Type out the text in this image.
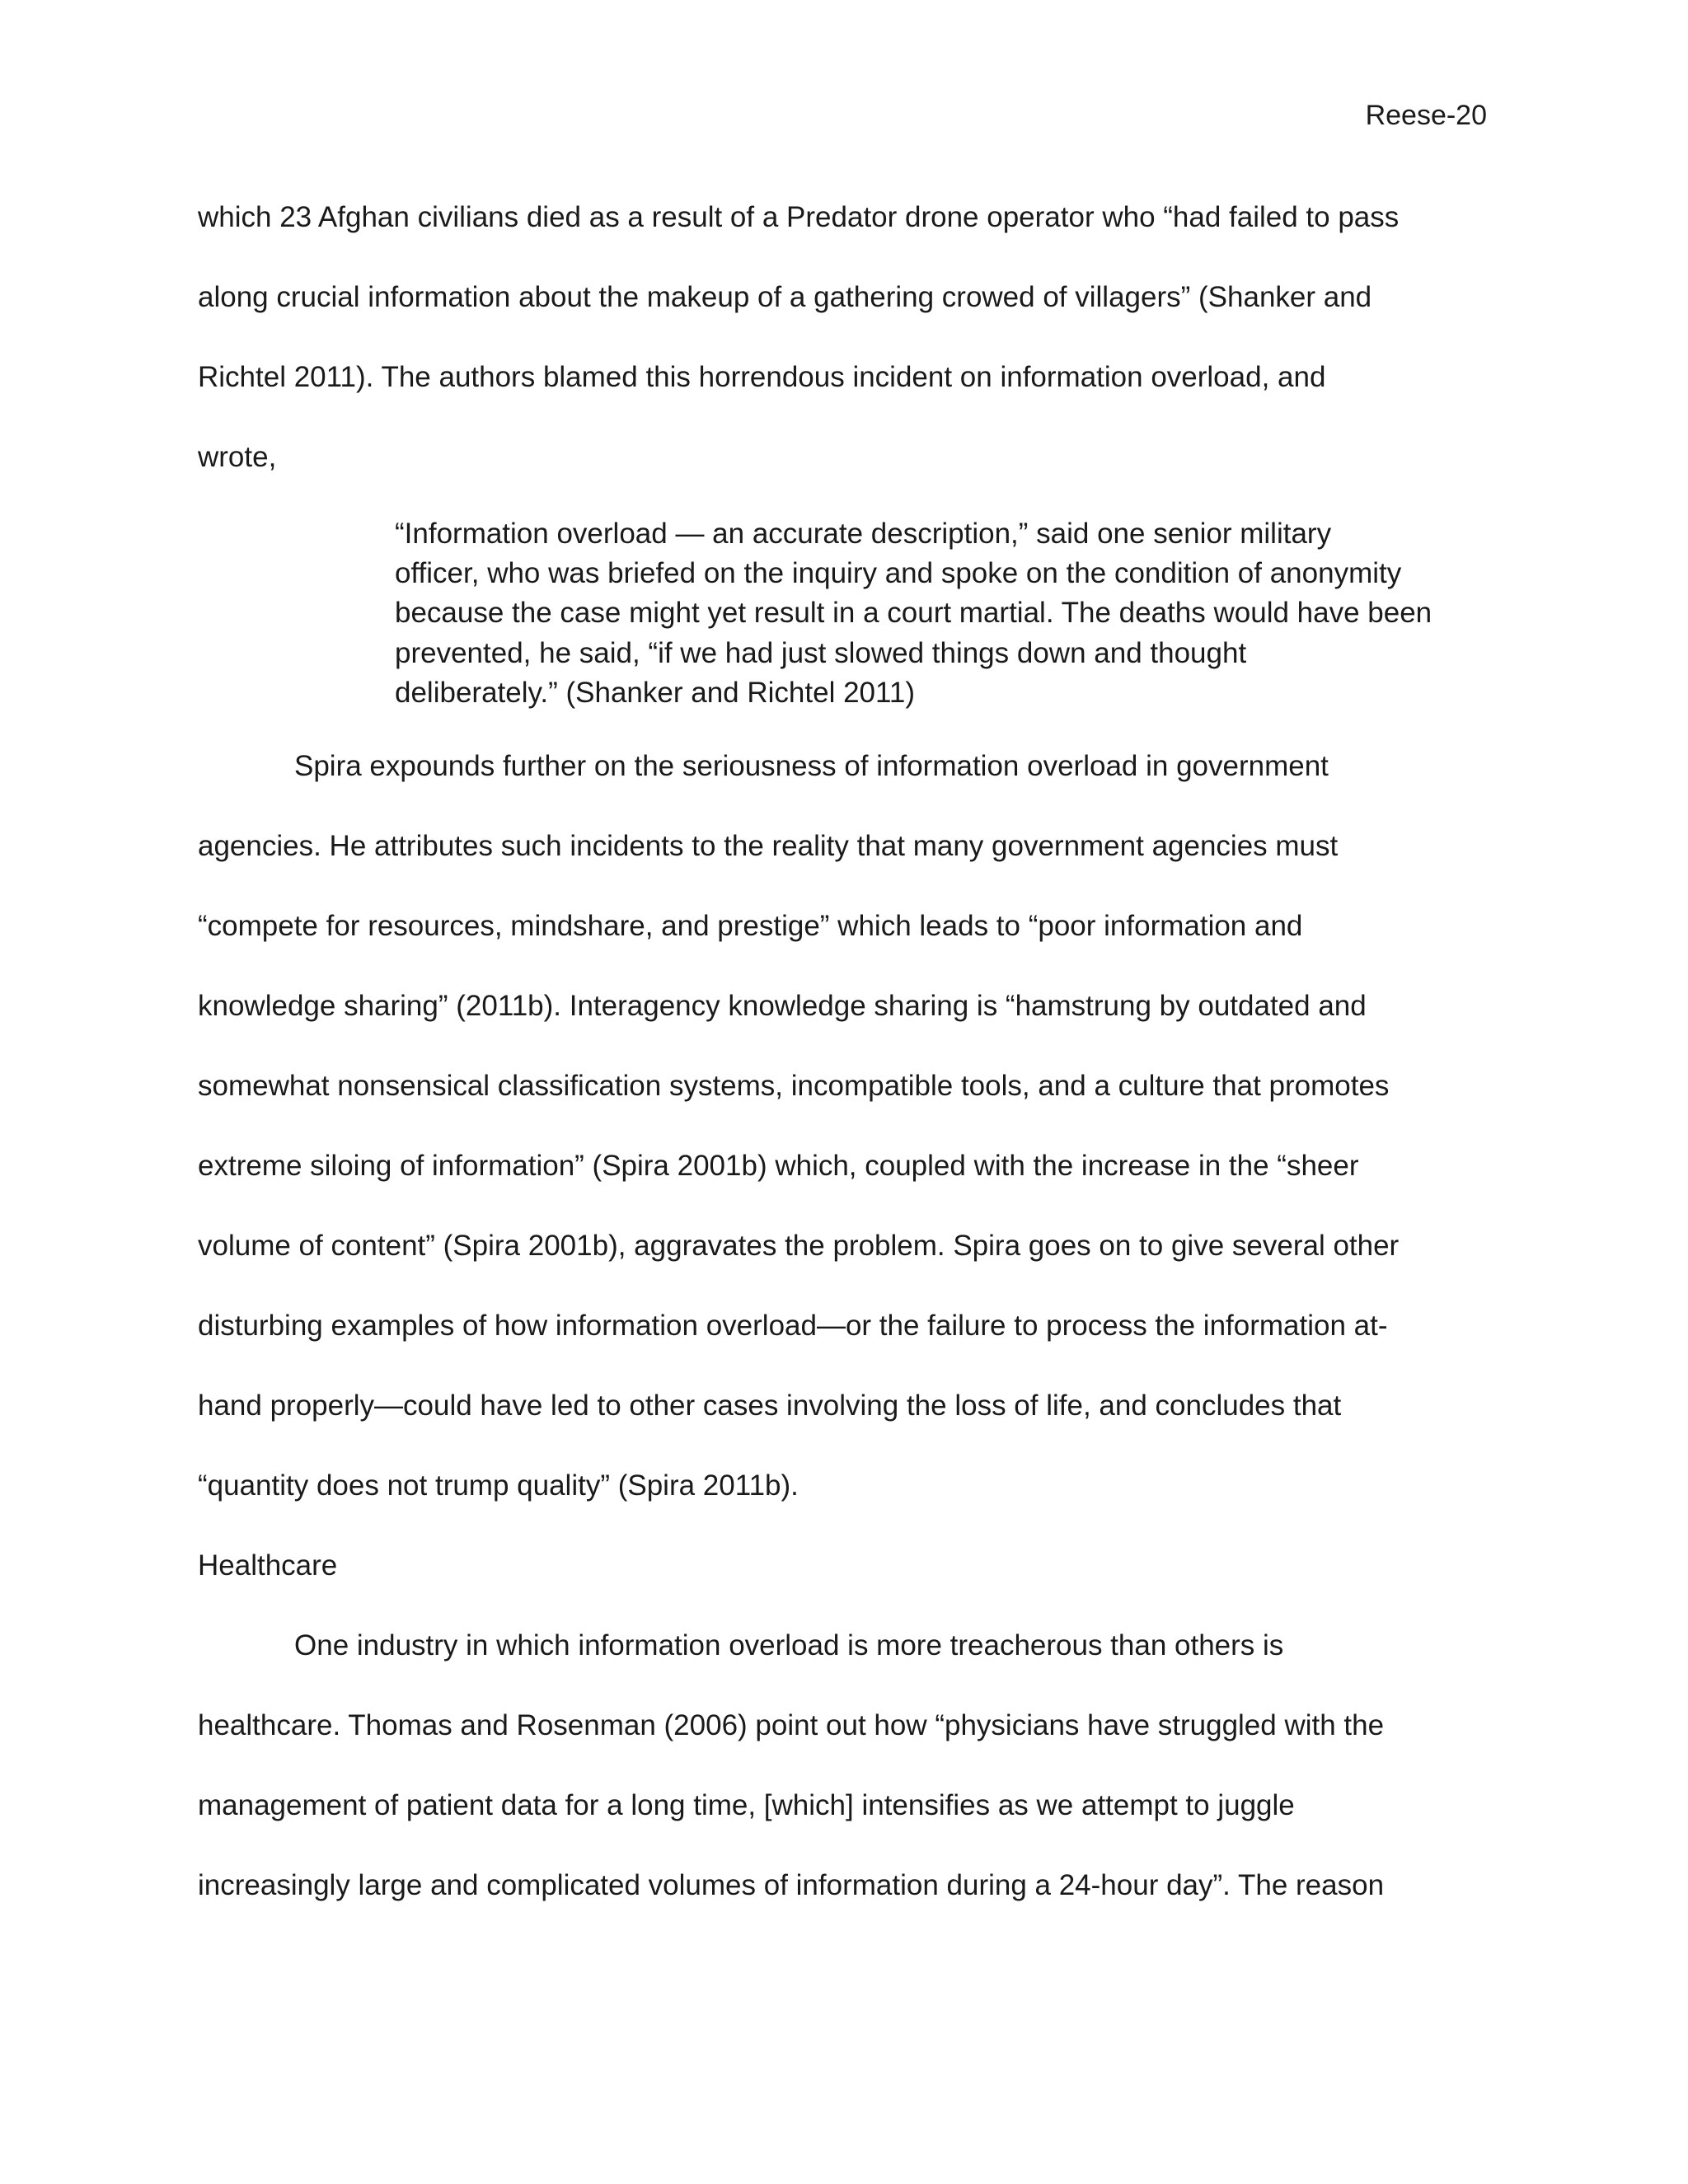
Reese-20
which 23 Afghan civilians died as a result of a Predator drone operator who “had failed to pass
along crucial information about the makeup of a gathering crowed of villagers” (Shanker and
Richtel 2011). The authors blamed this horrendous incident on information overload, and
wrote,
“Information overload — an accurate description,” said one senior military
officer, who was briefed on the inquiry and spoke on the condition of anonymity
because the case might yet result in a court martial. The deaths would have been
prevented, he said, “if we had just slowed things down and thought
deliberately.” (Shanker and Richtel 2011)
Spira expounds further on the seriousness of information overload in government
agencies. He attributes such incidents to the reality that many government agencies must
“compete for resources, mindshare, and prestige” which leads to “poor information and
knowledge sharing” (2011b). Interagency knowledge sharing is “hamstrung by outdated and
somewhat nonsensical classification systems, incompatible tools, and a culture that promotes
extreme siloing of information” (Spira 2001b) which, coupled with the increase in the “sheer
volume of content” (Spira 2001b), aggravates the problem. Spira goes on to give several other
disturbing examples of how information overload—or the failure to process the information at-
hand properly—could have led to other cases involving the loss of life, and concludes that
“quantity does not trump quality” (Spira 2011b).
Healthcare
One industry in which information overload is more treacherous than others is
healthcare. Thomas and Rosenman (2006) point out how “physicians have struggled with the
management of patient data for a long time, [which] intensifies as we attempt to juggle
increasingly large and complicated volumes of information during a 24-hour day”. The reason
